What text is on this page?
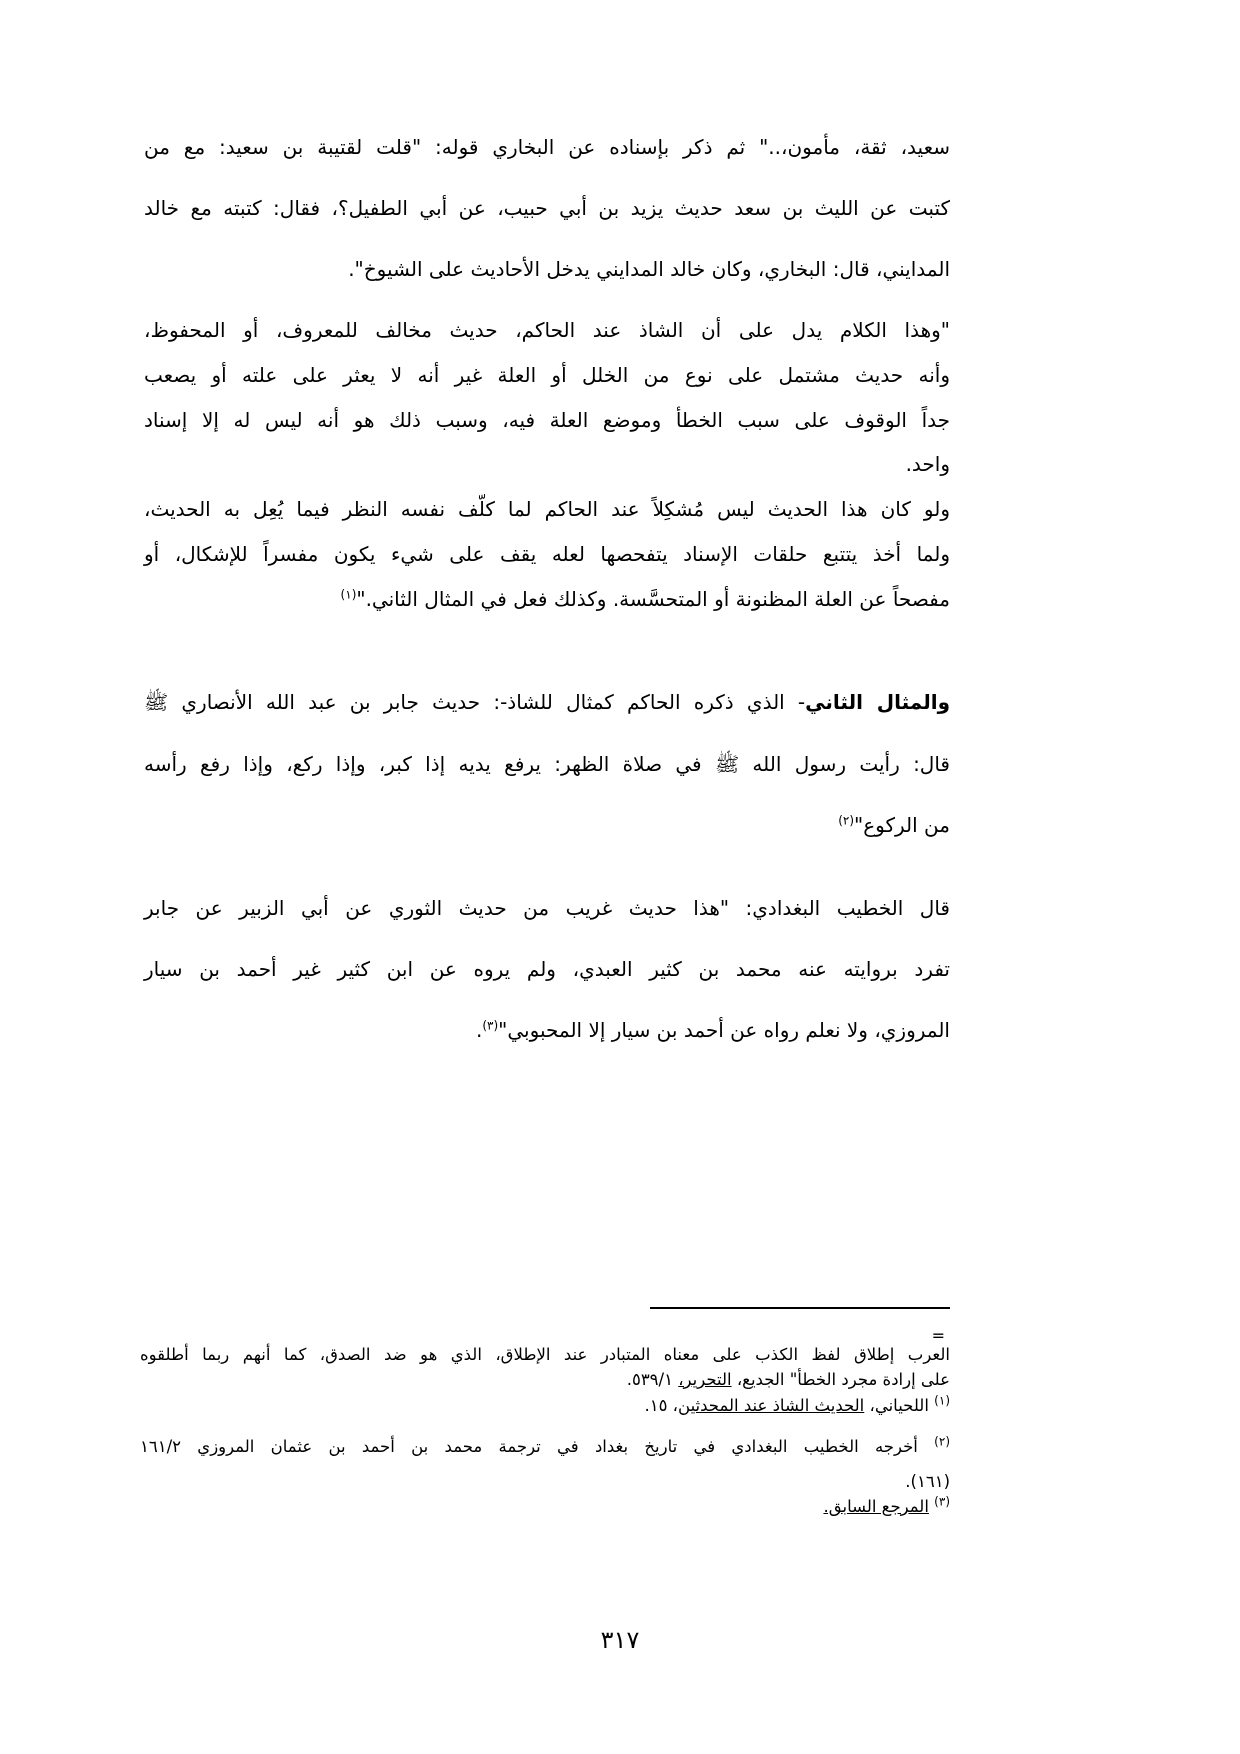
سعيد، ثقة، مأمون،.." ثم ذكر بإسناده عن البخاري قوله: "قلت لقتيبة بن سعيد: مع من
كتبت عن الليث بن سعد حديث يزيد بن أبي حبيب، عن أبي الطفيل؟، فقال: كتبته مع خالد
المدايني، قال: البخاري، وكان خالد المدايني يدخل الأحاديث على الشيوخ".
"وهذا الكلام يدل على أن الشاذ عند الحاكم، حديث مخالف للمعروف، أو المحفوظ،
وأنه حديث مشتمل على نوع من الخلل أو العلة غير أنه لا يعثر على علته أو يصعب
جداً الوقوف على سبب الخطأ وموضع العلة فيه، وسبب ذلك هو أنه ليس له إلا إسناد
واحد.
ولو كان هذا الحديث ليس مُشكِلاً عند الحاكم لما كلّف نفسه النظر فيما يُعِل به الحديث،
ولما أخذ يتتبع حلقات الإسناد يتفحصها لعله يقف على شيء يكون مفسراً للإشكال، أو
مفصحاً عن العلة المظنونة أو المتحسَّسة. وكذلك فعل في المثال الثاني."$^{(١)}$
والمثال الثاني- الذي ذكره الحاكم كمثال للشاذ-: حديث جابر بن عبد الله الأنصاري ﷺ
قال: رأيت رسول الله ﷺ في صلاة الظهر: يرفع يديه إذا كبر، وإذا ركع، وإذا رفع رأسه
من الركوع"$^{(٢)}$
قال الخطيب البغدادي: "هذا حديث غريب من حديث الثوري عن أبي الزبير عن جابر
تفرد بروايته عنه محمد بن كثير العبدي، ولم يروه عن ابن كثير غير أحمد بن سيار
المروزي، ولا نعلم رواه عن أحمد بن سيار إلا المحبوبي"$^{(٣)}$.
=
العرب إطلاق لفظ الكذب على معناه المتبادر عند الإطلاق، الذي هو ضد الصدق، كما أنهم ربما أطلقوه
على إرادة مجرد الخطأ" الجديع، التحرير، ٥٣٩/١.
$^{(١)}$ اللحياني، الحديث الشاذ عند المحدثين، ١٥.
$^{(٢)}$ أخرجه الخطيب البغدادي في تاريخ بغداد في ترجمة محمد بن أحمد بن عثمان المروزي ١٦١/٢
(١٦١).
$^{(٣)}$ المرجع السابق.
٣١٧
